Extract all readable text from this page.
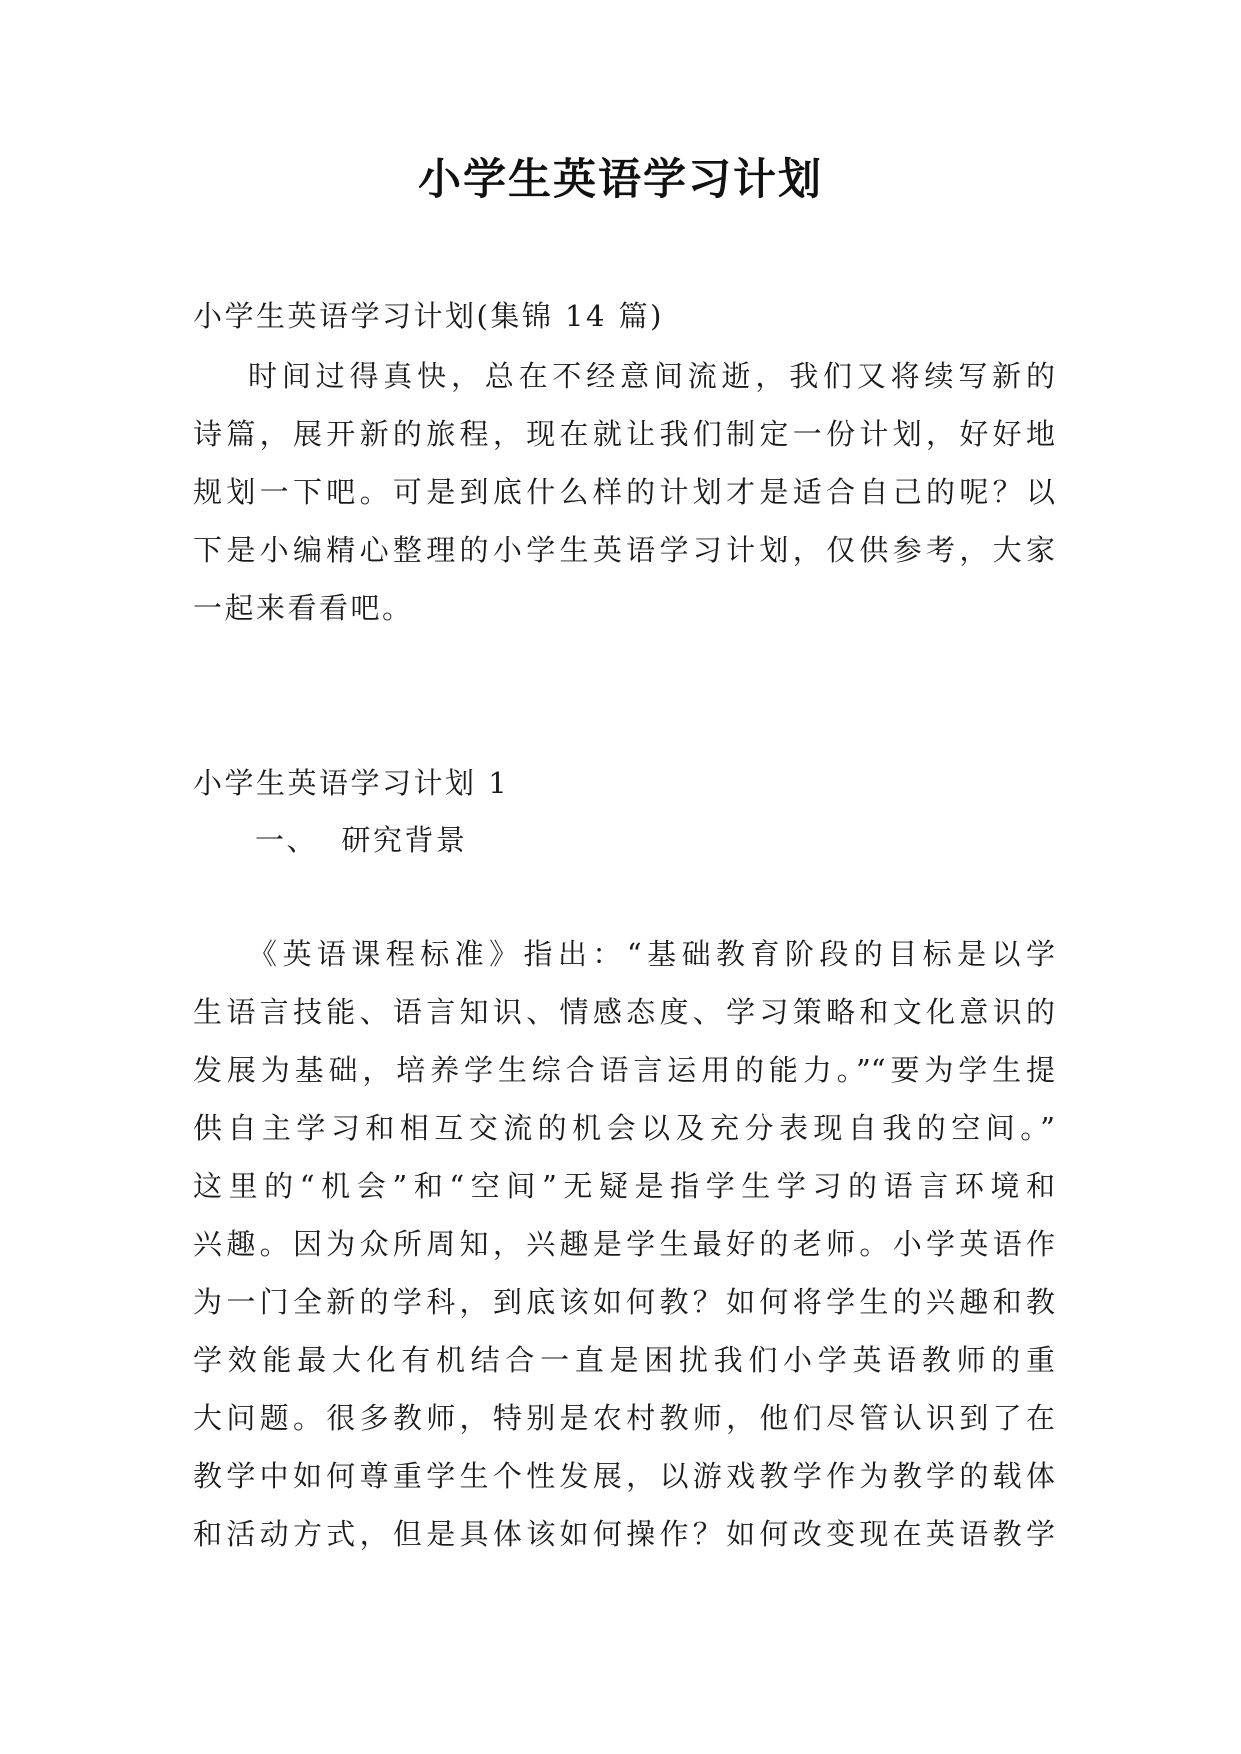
小学生英语学习计划

小学生英语学习计划(集锦 14 篇)

时间过得真快，总在不经意间流逝，我们又将续写新的

诗篇，展开新的旅程，现在就让我们制定一份计划，好好地

规划一下吧。可是到底什么样的计划才是适合自己的呢？以

下是小编精心整理的小学生英语学习计划，仅供参考，大家

一起来看看吧。

小学生英语学习计划 1

一、  研究背景

《英语课程标准》指出：“基础教育阶段的目标是以学

生语言技能、语言知识、情感态度、学习策略和文化意识的

发展为基础，培养学生综合语言运用的能力。”“要为学生提

供自主学习和相互交流的机会以及充分表现自我的空间。”

这里的“机会”和“空间”无疑是指学生学习的语言环境和

兴趣。因为众所周知，兴趣是学生最好的老师。小学英语作

为一门全新的学科，到底该如何教？如何将学生的兴趣和教

学效能最大化有机结合一直是困扰我们小学英语教师的重

大问题。很多教师，特别是农村教师，他们尽管认识到了在

教学中如何尊重学生个性发展，以游戏教学作为教学的载体

和活动方式，但是具体该如何操作？如何改变现在英语教学
